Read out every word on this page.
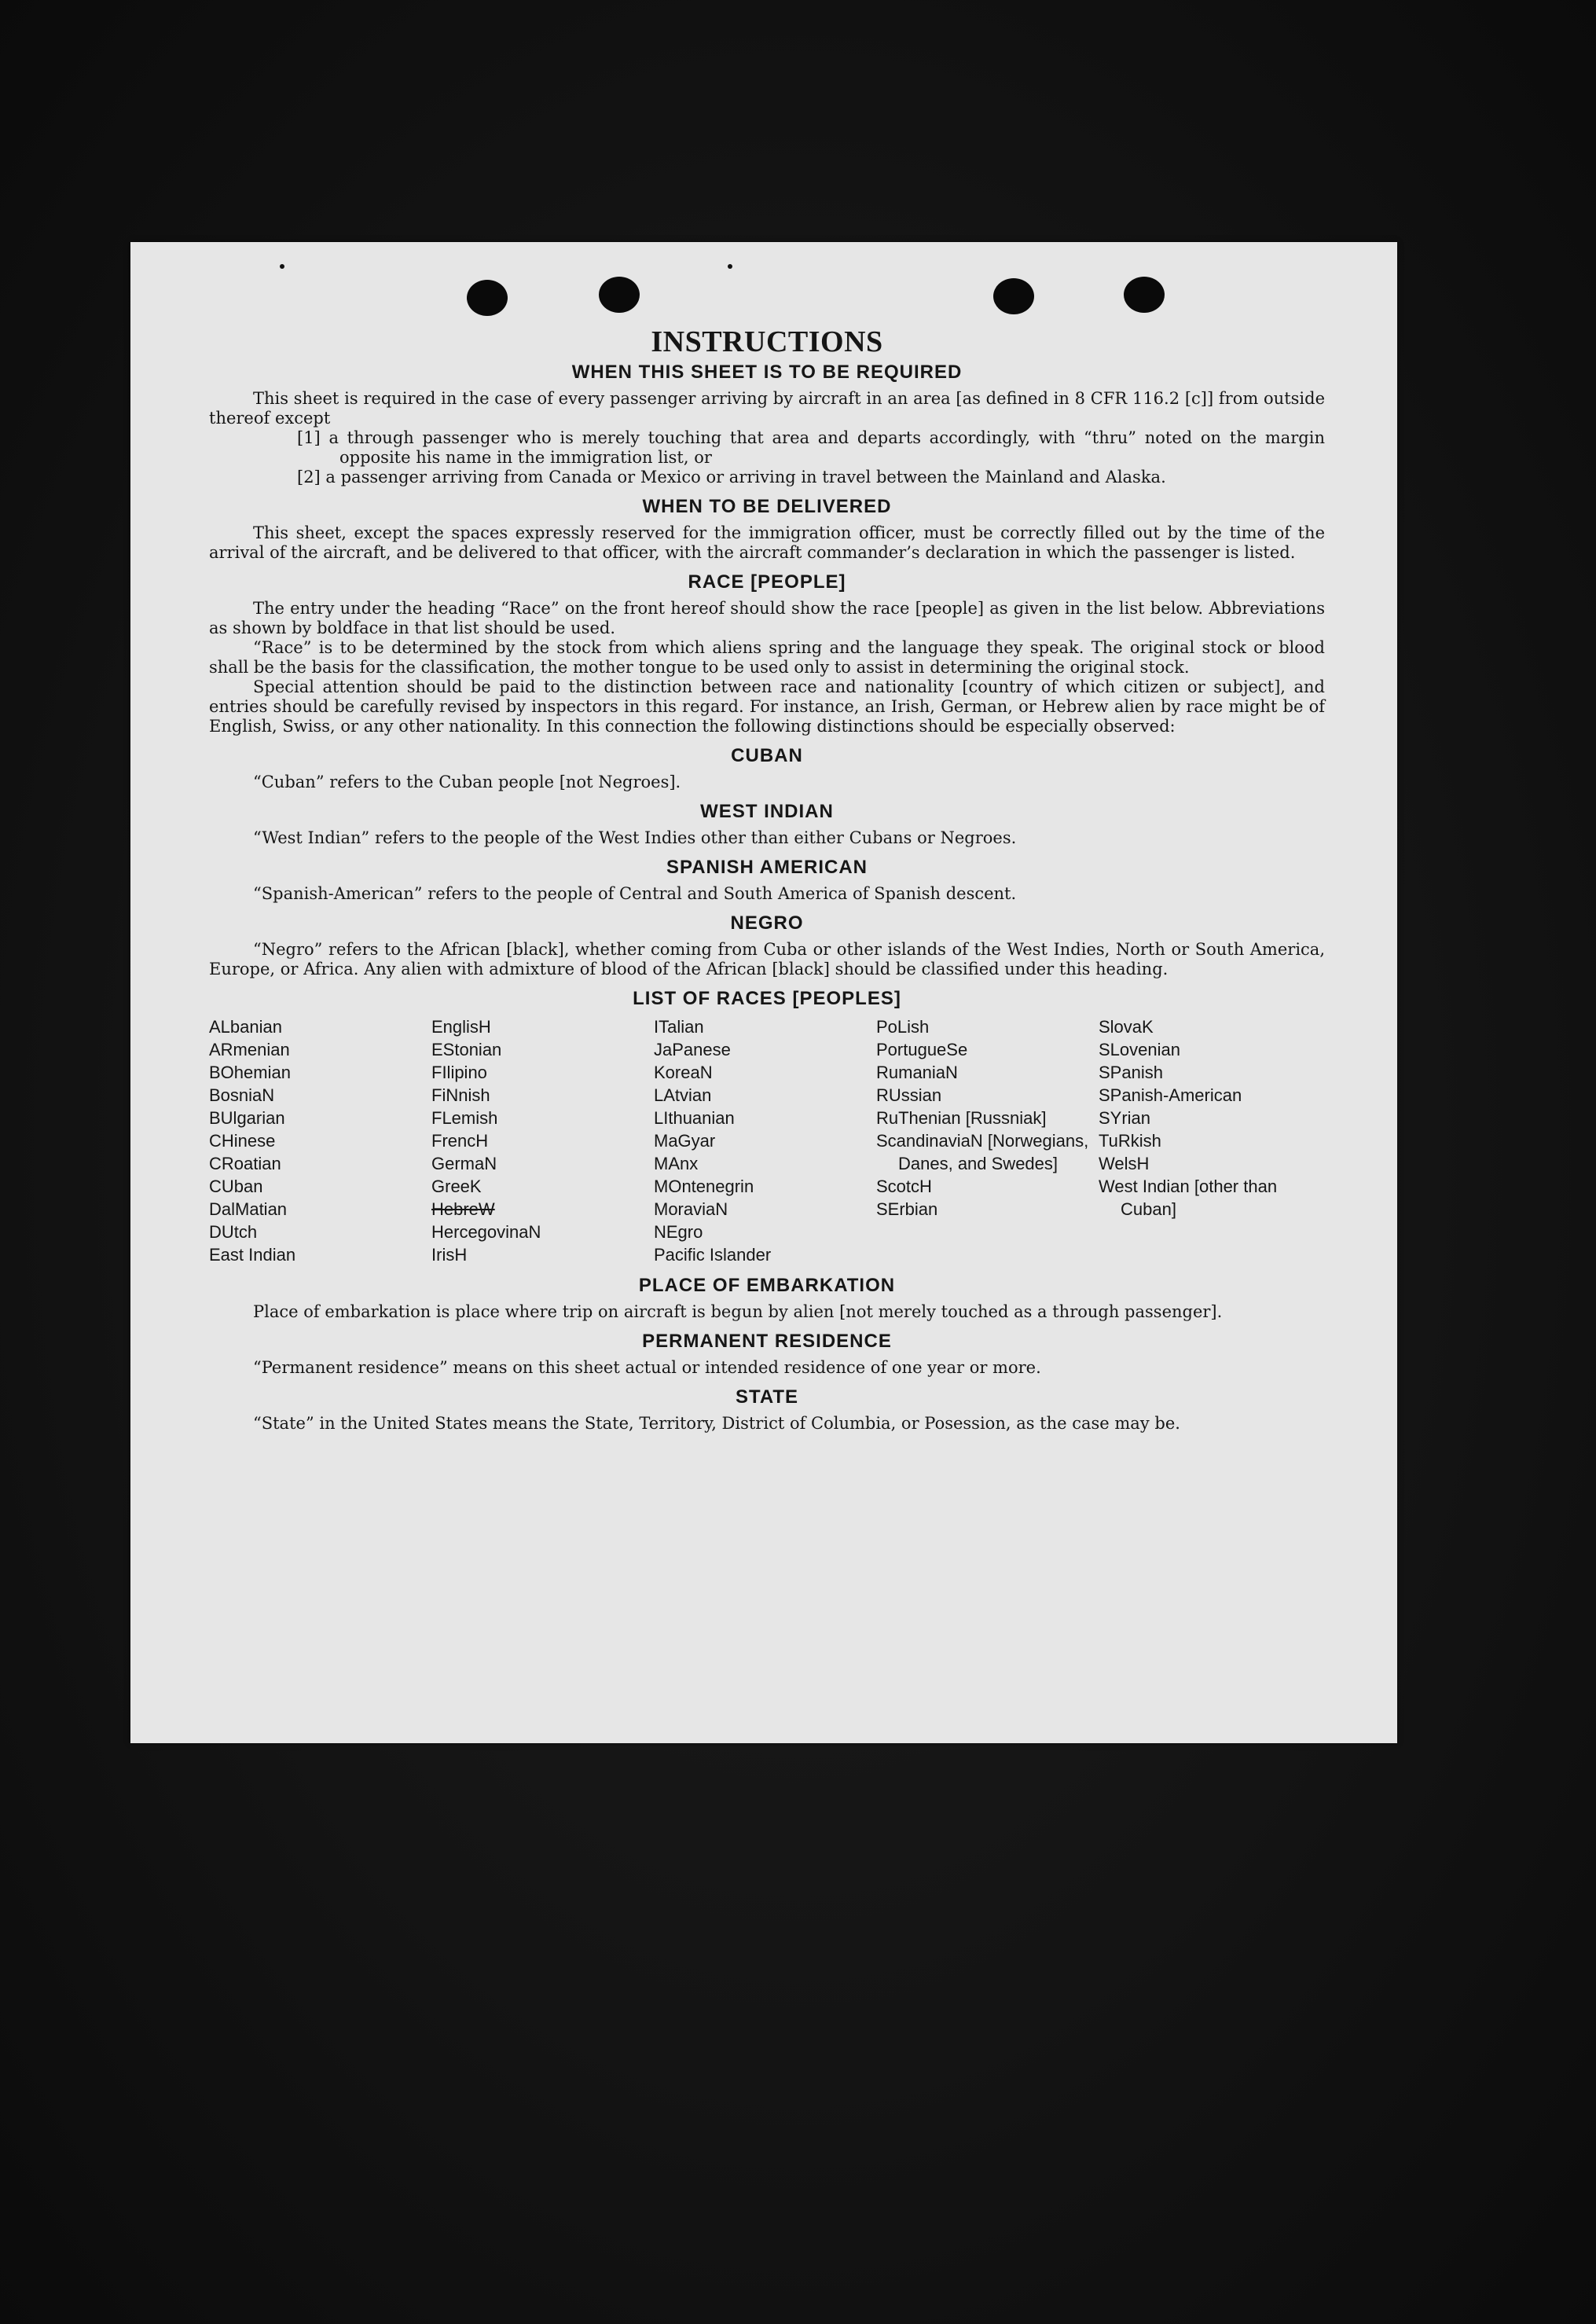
INSTRUCTIONS
WHEN THIS SHEET IS TO BE REQUIRED

This sheet is required in the case of every passenger arriving by aircraft in an area [as defined in 8 CFR 116.2 [c]] from outside thereof except

[1] a through passenger who is merely touching that area and departs accordingly, with “thru” noted on the margin opposite his name in the immigration list, or

[2] a passenger arriving from Canada or Mexico or arriving in travel between the Mainland and Alaska.

WHEN TO BE DELIVERED

This sheet, except the spaces expressly reserved for the immigration officer, must be correctly filled out by the time of the arrival of the aircraft, and be delivered to that officer, with the aircraft commander’s declaration in which the passenger is listed.

RACE [PEOPLE]

The entry under the heading “Race” on the front hereof should show the race [people] as given in the list below. Abbreviations as shown by boldface in that list should be used.

“Race” is to be determined by the stock from which aliens spring and the language they speak. The original stock or blood shall be the basis for the classification, the mother tongue to be used only to assist in determining the original stock.

Special attention should be paid to the distinction between race and nationality [country of which citizen or subject], and entries should be carefully revised by inspectors in this regard. For instance, an Irish, German, or Hebrew alien by race might be of English, Swiss, or any other nationality. In this connection the following distinctions should be especially observed:

CUBAN

“Cuban” refers to the Cuban people [not Negroes].

WEST INDIAN

“West Indian” refers to the people of the West Indies other than either Cubans or Negroes.

SPANISH AMERICAN

“Spanish-American” refers to the people of Central and South America of Spanish descent.

NEGRO

“Negro” refers to the African [black], whether coming from Cuba or other islands of the West Indies, North or South America, Europe, or Africa. Any alien with admixture of blood of the African [black] should be classified under this heading.

LIST OF RACES [PEOPLES]
ALbanian
ARmenian
BOhemian
BosniaN
BUlgarian
CHinese
CRoatian
CUban
DalMatian
DUtch
East Indian
EnglisH
EStonian
FIlipino
FiNnish
FLemish
FrencH
GermaN
GreeK
HebreW
HercegovinaN
IrisH
ITalian
JaPanese
KoreaN
LAtvian
LIthuanian
MaGyar
MAnx
MOntenegrin
MoraviaN
NEgro
Pacific Islander
PoLish
PortugueSe
RumaniaN
RUssian
RuThenian [Russniak]
ScandinaviaN [Norwegians, Danes, and Swedes]
ScotcH
SErbian
SlovaK
SLovenian
SPanish
SPanish-American
SYrian
TuRkish
WelsH
West Indian [other than Cuban]
PLACE OF EMBARKATION

Place of embarkation is place where trip on aircraft is begun by alien [not merely touched as a through passenger].

PERMANENT RESIDENCE

“Permanent residence” means on this sheet actual or intended residence of one year or more.

STATE

“State” in the United States means the State, Territory, District of Columbia, or Posession, as the case may be.
